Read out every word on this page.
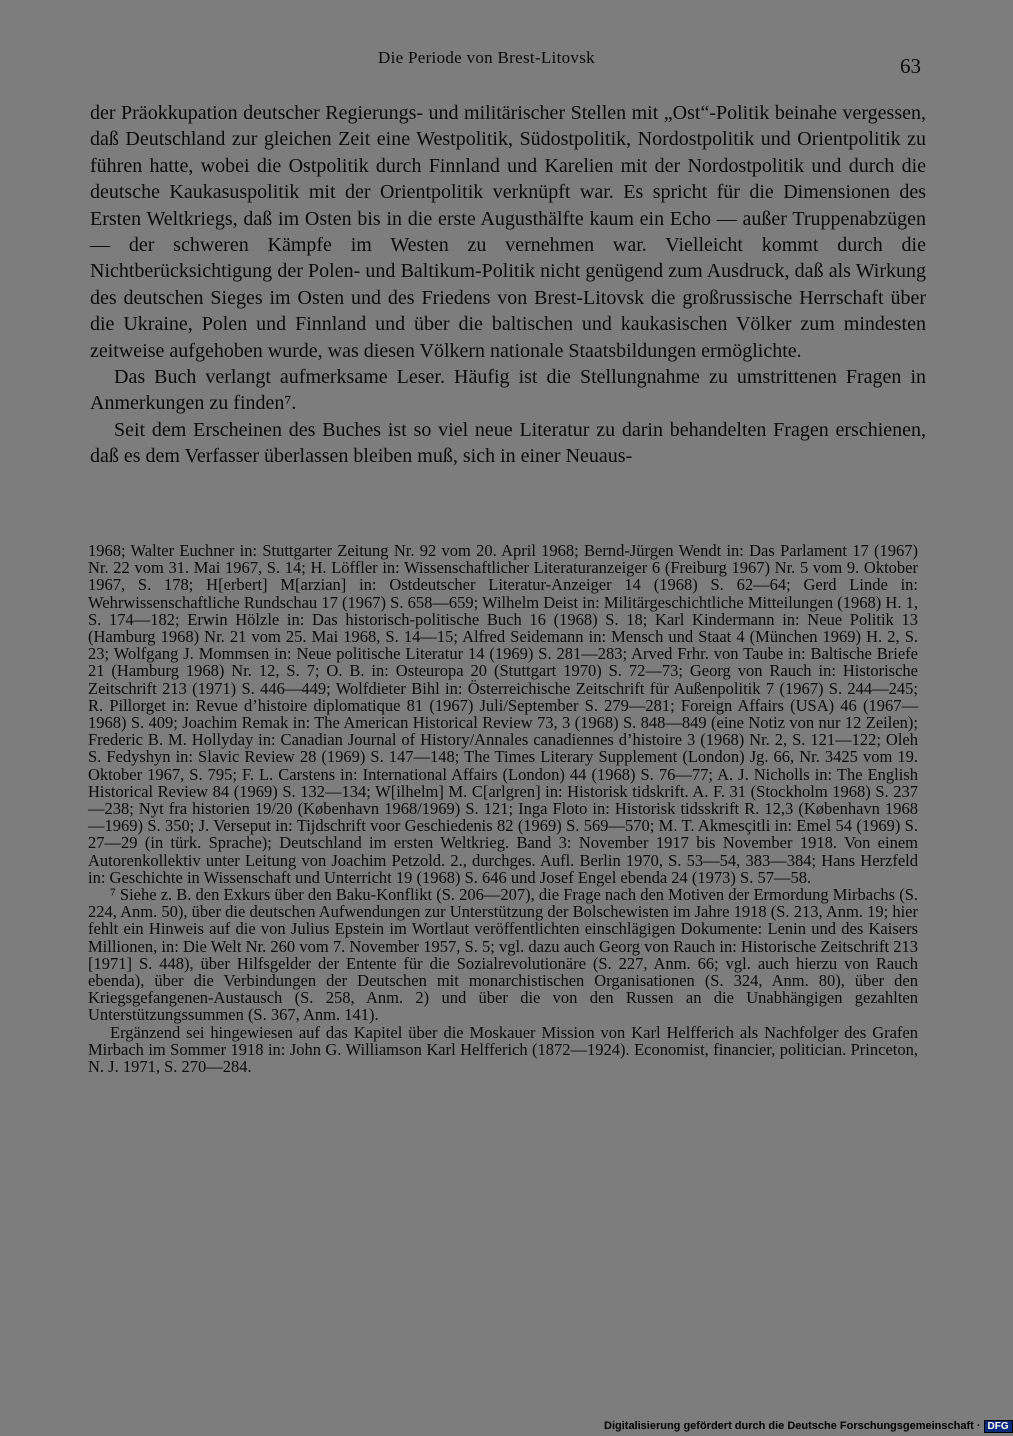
Die Periode von Brest-Litovsk	63

der Präokkupation deutscher Regierungs- und militärischer Stellen mit „Ost“-Politik beinahe vergessen, daß Deutschland zur gleichen Zeit eine Westpolitik, Südostpolitik, Nordostpolitik und Orientpolitik zu führen hatte, wobei die Ostpolitik durch Finnland und Karelien mit der Nordostpolitik und durch die deutsche Kaukasuspolitik mit der Orientpolitik verknüpft war. Es spricht für die Dimensionen des Ersten Weltkriegs, daß im Osten bis in die erste Augusthälfte kaum ein Echo — außer Truppenabzügen — der schweren Kämpfe im Westen zu vernehmen war. Vielleicht kommt durch die Nichtberücksichtigung der Polen- und Baltikum-Politik nicht genügend zum Ausdruck, daß als Wirkung des deutschen Sieges im Osten und des Friedens von Brest-Litovsk die großrussische Herrschaft über die Ukraine, Polen und Finnland und über die baltischen und kaukasischen Völker zum mindesten zeitweise aufgehoben wurde, was diesen Völkern nationale Staatsbildungen ermöglichte.

Das Buch verlangt aufmerksame Leser. Häufig ist die Stellungnahme zu umstrittenen Fragen in Anmerkungen zu finden⁷.

Seit dem Erscheinen des Buches ist so viel neue Literatur zu darin behandelten Fragen erschienen, daß es dem Verfasser überlassen bleiben muß, sich in einer Neuaus-

1968; Walter Euchner in: Stuttgarter Zeitung Nr. 92 vom 20. April 1968; Bernd-Jürgen Wendt in: Das Parlament 17 (1967) Nr. 22 vom 31. Mai 1967, S. 14; H. Löffler in: Wissenschaftlicher Literaturanzeiger 6 (Freiburg 1967) Nr. 5 vom 9. Oktober 1967, S. 178; H[erbert] M[arzian] in: Ostdeutscher Literatur-Anzeiger 14 (1968) S. 62—64; Gerd Linde in: Wehrwissenschaftliche Rundschau 17 (1967) S. 658—659; Wilhelm Deist in: Militärgeschichtliche Mitteilungen (1968) H. 1, S. 174—182; Erwin Hölzle in: Das historisch-politische Buch 16 (1968) S. 18; Karl Kindermann in: Neue Politik 13 (Hamburg 1968) Nr. 21 vom 25. Mai 1968, S. 14—15; Alfred Seidemann in: Mensch und Staat 4 (München 1969) H. 2, S. 23; Wolfgang J. Mommsen in: Neue politische Literatur 14 (1969) S. 281—283; Arved Frhr. von Taube in: Baltische Briefe 21 (Hamburg 1968) Nr. 12, S. 7; O. B. in: Osteuropa 20 (Stuttgart 1970) S. 72—73; Georg von Rauch in: Historische Zeitschrift 213 (1971) S. 446—449; Wolfdieter Bihl in: Österreichische Zeitschrift für Außenpolitik 7 (1967) S. 244—245; R. Pillorget in: Revue d’histoire diplomatique 81 (1967) Juli/September S. 279—281; Foreign Affairs (USA) 46 (1967—1968) S. 409; Joachim Remak in: The American Historical Review 73, 3 (1968) S. 848—849 (eine Notiz von nur 12 Zeilen); Frederic B. M. Hollyday in: Canadian Journal of History/Annales canadiennes d’histoire 3 (1968) Nr. 2, S. 121—122; Oleh S. Fedyshyn in: Slavic Review 28 (1969) S. 147—148; The Times Literary Supplement (London) Jg. 66, Nr. 3425 vom 19. Oktober 1967, S. 795; F. L. Carstens in: International Affairs (London) 44 (1968) S. 76—77; A. J. Nicholls in: The English Historical Review 84 (1969) S. 132—134; W[ilhelm] M. C[arlgren] in: Historisk tidskrift. A. F. 31 (Stockholm 1968) S. 237—238; Nyt fra historien 19/20 (København 1968/1969) S. 121; Inga Floto in: Historisk tidsskrift R. 12,3 (København 1968—1969) S. 350; J. Verseput in: Tijdschrift voor Geschiedenis 82 (1969) S. 569—570; M. T. Akmesçitli in: Emel 54 (1969) S. 27—29 (in türk. Sprache); Deutschland im ersten Weltkrieg. Band 3: November 1917 bis November 1918. Von einem Autorenkollektiv unter Leitung von Joachim Petzold. 2., durchges. Aufl. Berlin 1970, S. 53—54, 383—384; Hans Herzfeld in: Geschichte in Wissenschaft und Unterricht 19 (1968) S. 646 und Josef Engel ebenda 24 (1973) S. 57—58.

⁷ Siehe z. B. den Exkurs über den Baku-Konflikt (S. 206—207), die Frage nach den Motiven der Ermordung Mirbachs (S. 224, Anm. 50), über die deutschen Aufwendungen zur Unterstützung der Bolschewisten im Jahre 1918 (S. 213, Anm. 19; hier fehlt ein Hinweis auf die von Julius Epstein im Wortlaut veröffentlichten einschlägigen Dokumente: Lenin und des Kaisers Millionen, in: Die Welt Nr. 260 vom 7. November 1957, S. 5; vgl. dazu auch Georg von Rauch in: Historische Zeitschrift 213 [1971] S. 448), über Hilfsgelder der Entente für die Sozialrevolutionäre (S. 227, Anm. 66; vgl. auch hierzu von Rauch ebenda), über die Verbindungen der Deutschen mit monarchistischen Organisationen (S. 324, Anm. 80), über den Kriegsgefangenen-Austausch (S. 258, Anm. 2) und über die von den Russen an die Unabhängigen gezahlten Unterstützungssummen (S. 367, Anm. 141).

Ergänzend sei hingewiesen auf das Kapitel über die Moskauer Mission von Karl Helfferich als Nachfolger des Grafen Mirbach im Sommer 1918 in: John G. Williamson Karl Helfferich (1872—1924). Economist, financier, politician. Princeton, N. J. 1971, S. 270—284.

Digitalisierung gefördert durch die Deutsche Forschungsgemeinschaft · DFG
